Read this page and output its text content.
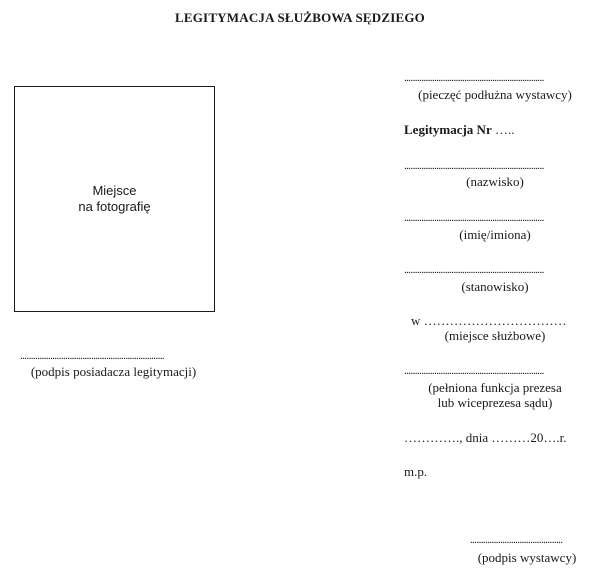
LEGITYMACJA SŁUŻBOWA SĘDZIEGO
Miejsce
na fotografię
...................................................................
(podpis posiadacza legitymacji)
.................................................................
(pieczęć podłużna wystawcy)
Legitymacja Nr …..
.................................................................
(nazwisko)
.................................................................
(imię/imiona)
.................................................................
(stanowisko)
w ……………………………
(miejsce służbowe)
.................................................................
(pełniona funkcja prezesa
lub wiceprezesa sądu)
…………., dnia ………20….r.
m.p.
...........................................
(podpis wystawcy)
